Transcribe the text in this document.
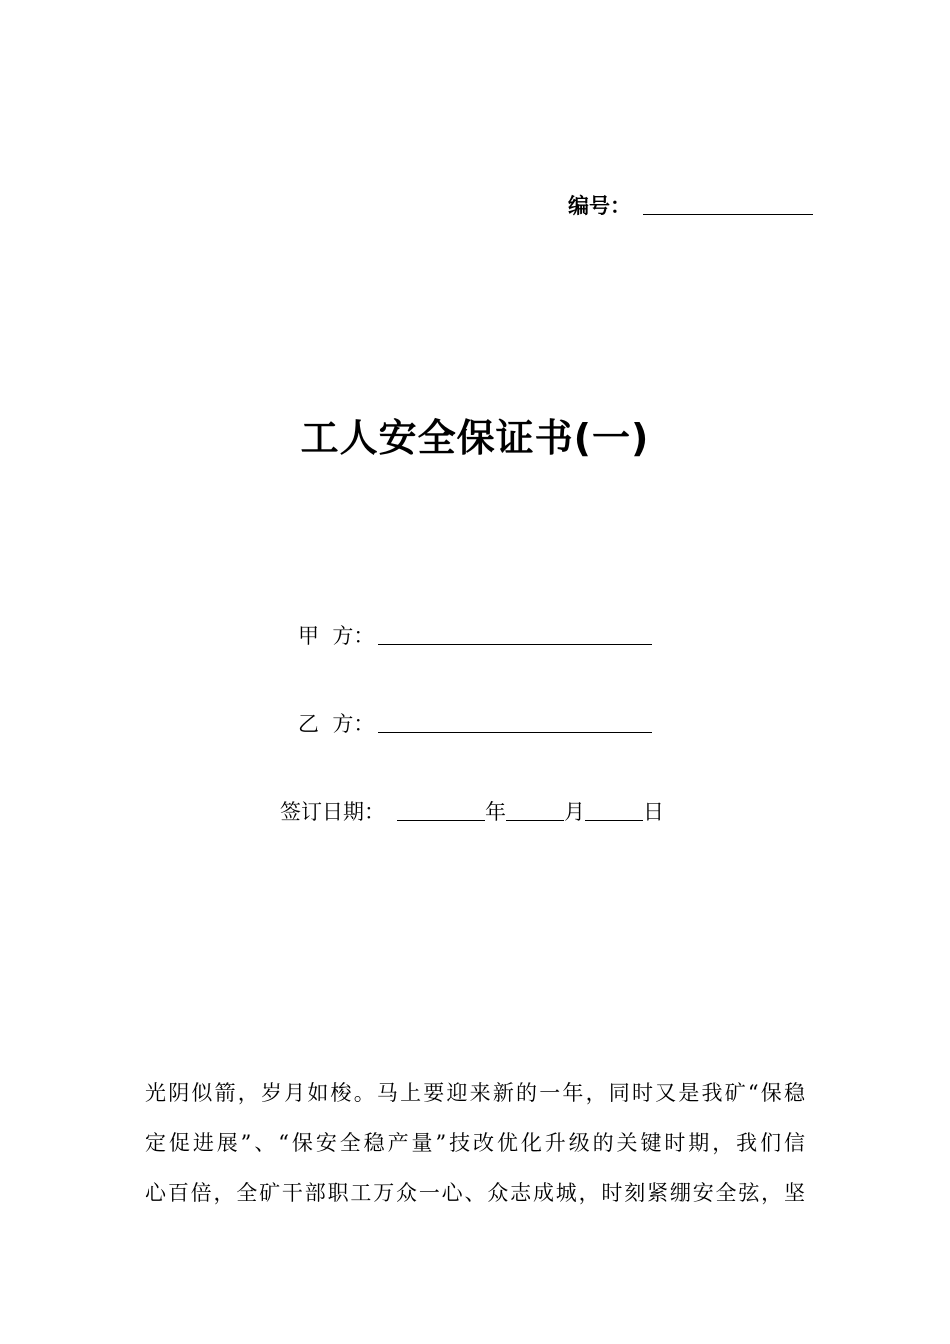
编号：
工人安全保证书(一)
甲  方：
乙  方：
签订日期：	年	月	日
光阴似箭，岁月如梭。马上要迎来新的一年，同时又是我矿“保稳
定促进展”、“保安全稳产量”技改优化升级的关键时期，我们信
心百倍，全矿干部职工万众一心、众志成城，时刻紧绷安全弦，坚
